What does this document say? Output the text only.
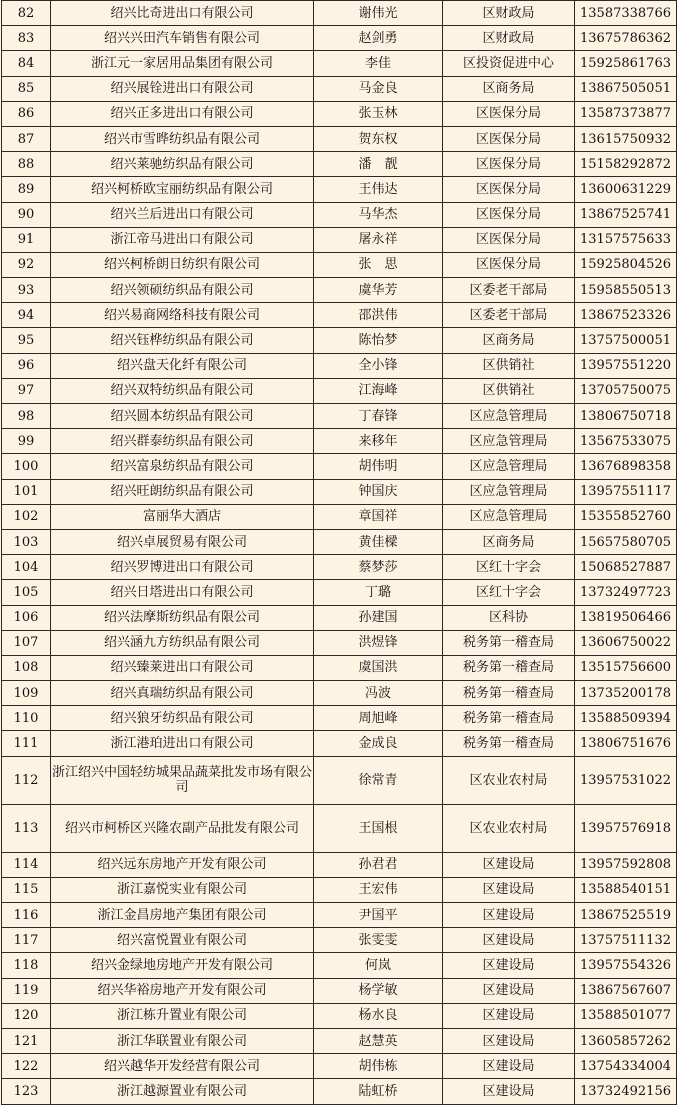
82	绍兴比奇进出口有限公司	谢伟光	区财政局	13587338766
83	绍兴兴田汽车销售有限公司	赵剑勇	区财政局	13675786362
84	浙江元一家居用品集团有限公司	李佳	区投资促进中心	15925861763
85	绍兴展铨进出口有限公司	马金良	区商务局	13867505051
86	绍兴正多进出口有限公司	张玉林	区医保分局	13587373877
87	绍兴市雪晔纺织品有限公司	贺东权	区医保分局	13615750932
88	绍兴莱驰纺织品有限公司	潘　靓	区医保分局	15158292872
89	绍兴柯桥欧宝丽纺织品有限公司	王伟达	区医保分局	13600631229
90	绍兴兰后进出口有限公司	马华杰	区医保分局	13867525741
91	浙江帝马进出口有限公司	屠永祥	区医保分局	13157575633
92	绍兴柯桥朗日纺织有限公司	张　思	区医保分局	15925804526
93	绍兴领硕纺织品有限公司	虞华芳	区委老干部局	15958550513
94	绍兴易商网络科技有限公司	邵洪伟	区委老干部局	13867523326
95	绍兴钰桦纺织品有限公司	陈怡梦	区商务局	13757500051
96	绍兴盘天化纤有限公司	全小锋	区供销社	13957551220
97	绍兴双特纺织品有限公司	江海峰	区供销社	13705750075
98	绍兴圆本纺织品有限公司	丁春锋	区应急管理局	13806750718
99	绍兴群泰纺织品有限公司	来移年	区应急管理局	13567533075
100	绍兴富泉纺织品有限公司	胡伟明	区应急管理局	13676898358
101	绍兴旺朗纺织品有限公司	钟国庆	区应急管理局	13957551117
102	富丽华大酒店	章国祥	区应急管理局	15355852760
103	绍兴卓展贸易有限公司	黄佳樑	区商务局	15657580705
104	绍兴罗博进出口有限公司	蔡梦莎	区红十字会	15068527887
105	绍兴日塔进出口有限公司	丁璐	区红十字会	13732497723
106	绍兴法摩斯纺织品有限公司	孙建国	区科协	13819506466
107	绍兴涵九方纺织品有限公司	洪煜锋	税务第一稽查局	13606750022
108	绍兴臻莱进出口有限公司	虞国洪	税务第一稽查局	13515756600
109	绍兴真瑞纺织品有限公司	冯波	税务第一稽查局	13735200178
110	绍兴狼牙纺织品有限公司	周旭峰	税务第一稽查局	13588509394
111	浙江港珀进出口有限公司	金成良	税务第一稽查局	13806751676
112	浙江绍兴中国轻纺城果品蔬菜批发市场有限公司	徐常青	区农业农村局	13957531022
113	绍兴市柯桥区兴隆农副产品批发有限公司	王国根	区农业农村局	13957576918
114	绍兴远东房地产开发有限公司	孙君君	区建设局	13957592808
115	浙江嘉悦实业有限公司	王宏伟	区建设局	13588540151
116	浙江金昌房地产集团有限公司	尹国平	区建设局	13867525519
117	绍兴富悦置业有限公司	张雯雯	区建设局	13757511132
118	绍兴金绿地房地产开发有限公司	何岚	区建设局	13957554326
119	绍兴华裕房地产开发有限公司	杨学敏	区建设局	13867567607
120	浙江栋升置业有限公司	杨水良	区建设局	13588501077
121	浙江华联置业有限公司	赵慧英	区建设局	13605857262
122	绍兴越华开发经营有限公司	胡伟栋	区建设局	13754334004
123	浙江越源置业有限公司	陆虹桥	区建设局	13732492156
